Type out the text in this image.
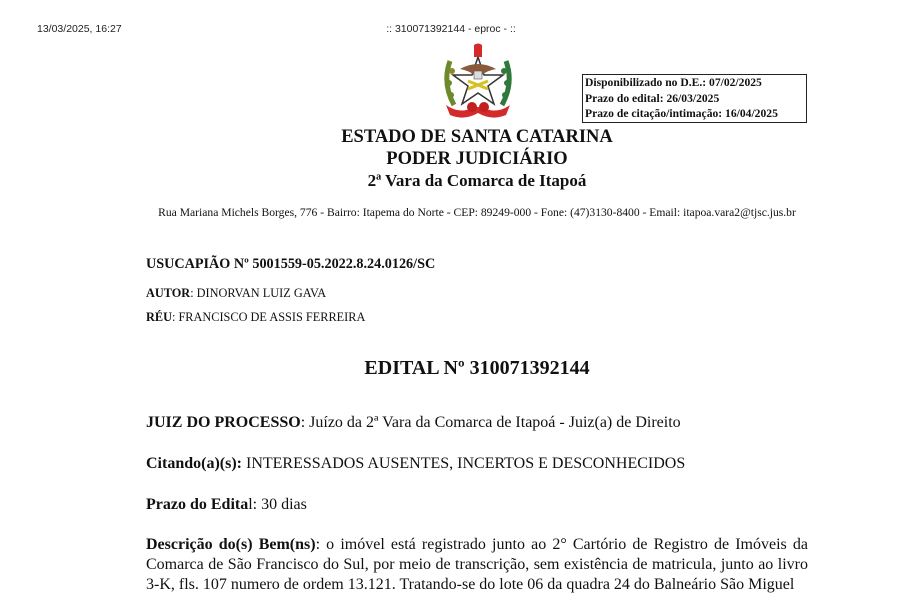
13/03/2025, 16:27	:: 310071392144 - eproc - ::
Disponibilizado no D.E.: 07/02/2025
Prazo do edital: 26/03/2025
Prazo de citação/intimação: 16/04/2025
ESTADO DE SANTA CATARINA
PODER JUDICIÁRIO
2ª Vara da Comarca de Itapoá
Rua Mariana Michels Borges, 776 - Bairro: Itapema do Norte - CEP: 89249-000 - Fone: (47)3130-8400 - Email: itapoa.vara2@tjsc.jus.br
USUCAPIÃO Nº 5001559-05.2022.8.24.0126/SC
AUTOR: DINORVAN LUIZ GAVA
RÉU: FRANCISCO DE ASSIS FERREIRA
EDITAL Nº 310071392144
JUIZ DO PROCESSO: Juízo da 2ª Vara da Comarca de Itapoá - Juiz(a) de Direito
Citando(a)(s): INTERESSADOS AUSENTES, INCERTOS E DESCONHECIDOS
Prazo do Edital: 30 dias
Descrição do(s) Bem(ns): o imóvel está registrado junto ao 2° Cartório de Registro de Imóveis da Comarca de São Francisco do Sul, por meio de transcrição, sem existência de matricula, junto ao livro 3-K, fls. 107 numero de ordem 13.121. Tratando-se do lote 06 da quadra 24 do Balneário São Miguel
